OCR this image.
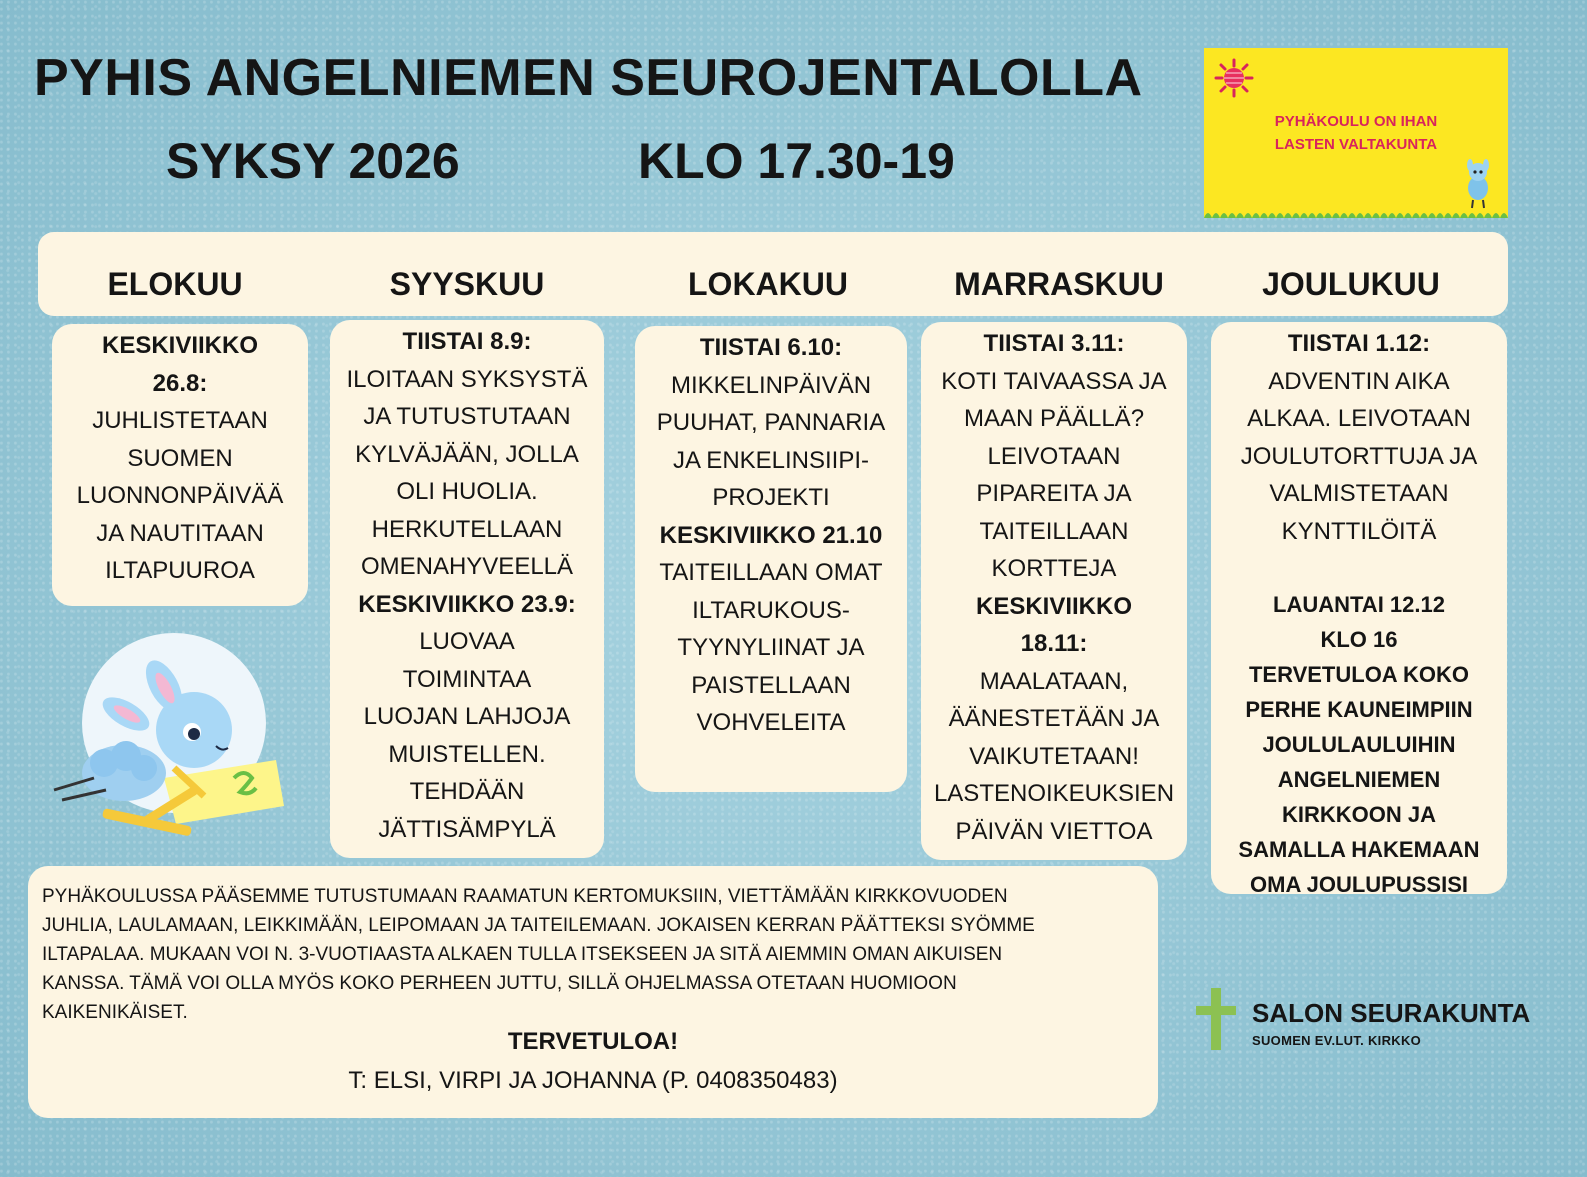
PYHIS ANGELNIEMEN SEUROJENTALOLLA
SYKSY 2026	KLO 17.30-19
PYHÄKOULU ON IHAN
LASTEN VALTAKUNTA
ELOKUU	SYYSKUU	LOKAKUU	MARRASKUU	JOULUKUU
KESKIVIIKKO
26.8:
JUHLISTETAAN
SUOMEN
LUONNONPÄIVÄÄ
JA NAUTITAAN
ILTAPUUROA
TIISTAI 8.9:
ILOITAAN SYKSYSTÄ
JA TUTUSTUTAAN
KYLVÄJÄÄN, JOLLA
OLI HUOLIA.
HERKUTELLAAN
OMENAHYVEELLÄ
KESKIVIIKKO 23.9:
LUOVAA
TOIMINTAA
LUOJAN LAHJOJA
MUISTELLEN.
TEHDÄÄN
JÄTTISÄMPYLÄ
TIISTAI 6.10:
MIKKELINPÄIVÄN
PUUHAT, PANNARIA
JA ENKELINSIIPI-
PROJEKTI
KESKIVIIKKO 21.10
TAITEILLAAN OMAT
ILTARUKOUS-
TYYNYLIINAT JA
PAISTELLAAN
VOHVELEITA
TIISTAI 3.11:
KOTI TAIVAASSA JA
MAAN PÄÄLLÄ?
LEIVOTAAN
PIPAREITA JA
TAITEILLAAN
KORTTEJA
KESKIVIIKKO
18.11:
MAALATAAN,
ÄÄNESTETÄÄN JA
VAIKUTETAAN!
LASTENOIKEUKSIEN
PÄIVÄN VIETTOA
TIISTAI 1.12:
ADVENTIN AIKA
ALKAA. LEIVOTAAN
JOULUTORTTUJA JA
VALMISTETAAN
KYNTTILÖITÄ
LAUANTAI 12.12
KLO 16
TERVETULOA KOKO
PERHE KAUNEIMPIIN
JOULULAULUIHIN
ANGELNIEMEN
KIRKKOON JA
SAMALLA HAKEMAAN
OMA JOULUPUSSISI
PYHÄKOULUSSA PÄÄSEMME TUTUSTUMAAN RAAMATUN KERTOMUKSIIN, VIETTÄMÄÄN KIRKKOVUODEN
JUHLIA, LAULAMAAN, LEIKKIMÄÄN, LEIPOMAAN JA TAITEILEMAAN. JOKAISEN KERRAN PÄÄTTEKSI SYÖMME
ILTAPALAA. MUKAAN VOI N. 3-VUOTIAASTA ALKAEN TULLA ITSEKSEEN JA SITÄ AIEMMIN OMAN AIKUISEN
KANSSA. TÄMÄ VOI OLLA MYÖS KOKO PERHEEN JUTTU, SILLÄ OHJELMASSA OTETAAN HUOMIOON
KAIKENIKÄISET.
TERVETULOA!
T: ELSI, VIRPI JA JOHANNA (P. 0408350483)
SALON SEURAKUNTA
SUOMEN EV.LUT. KIRKKO
